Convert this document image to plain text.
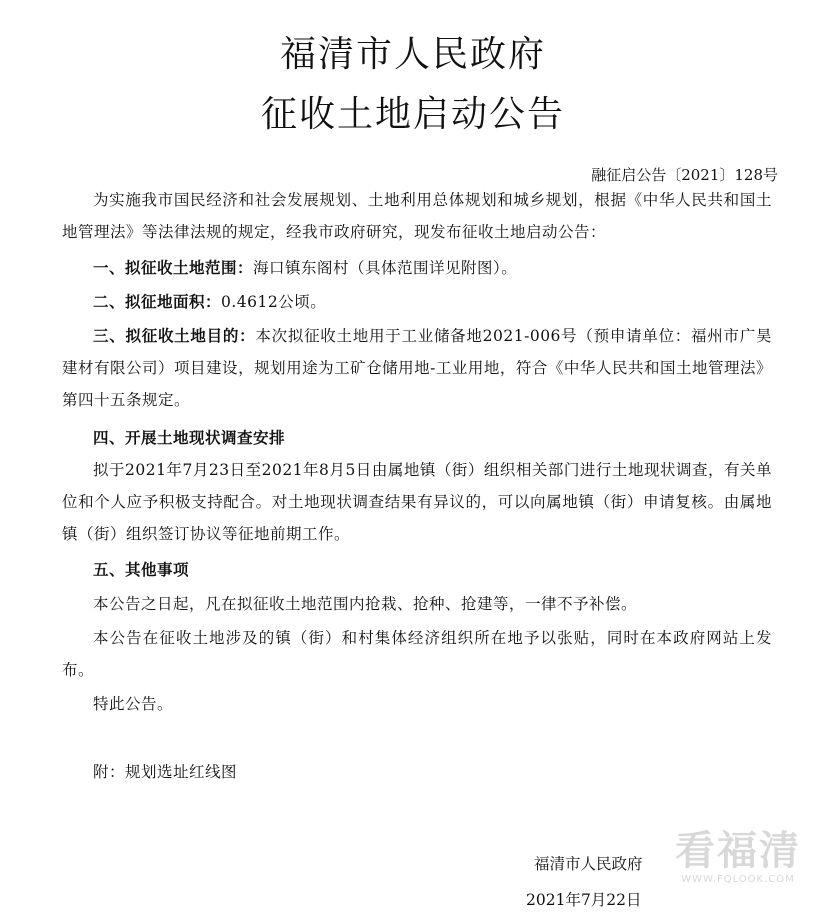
福清市人民政府
征收土地启动公告
融征启公告〔2021〕128号
为实施我市国民经济和社会发展规划、土地利用总体规划和城乡规划，根据《中华人民共和国土地管理法》等法律法规的规定，经我市政府研究，现发布征收土地启动公告：
一、拟征收土地范围：海口镇东阁村（具体范围详见附图）。
二、拟征地面积：0.4612公顷。
三、拟征收土地目的：本次拟征收土地用于工业储备地2021-006号（预申请单位：福州市广昊建材有限公司）项目建设，规划用途为工矿仓储用地-工业用地，符合《中华人民共和国土地管理法》第四十五条规定。
四、开展土地现状调查安排
拟于2021年7月23日至2021年8月5日由属地镇（街）组织相关部门进行土地现状调查，有关单位和个人应予积极支持配合。对土地现状调查结果有异议的，可以向属地镇（街）申请复核。由属地镇（街）组织签订协议等征地前期工作。
五、其他事项
本公告之日起，凡在拟征收土地范围内抢栽、抢种、抢建等，一律不予补偿。
本公告在征收土地涉及的镇（街）和村集体经济组织所在地予以张贴，同时在本政府网站上发布。
特此公告。
附：规划选址红线图
福清市人民政府
2021年7月22日
看福清
WWW.FQLOOK.COM
